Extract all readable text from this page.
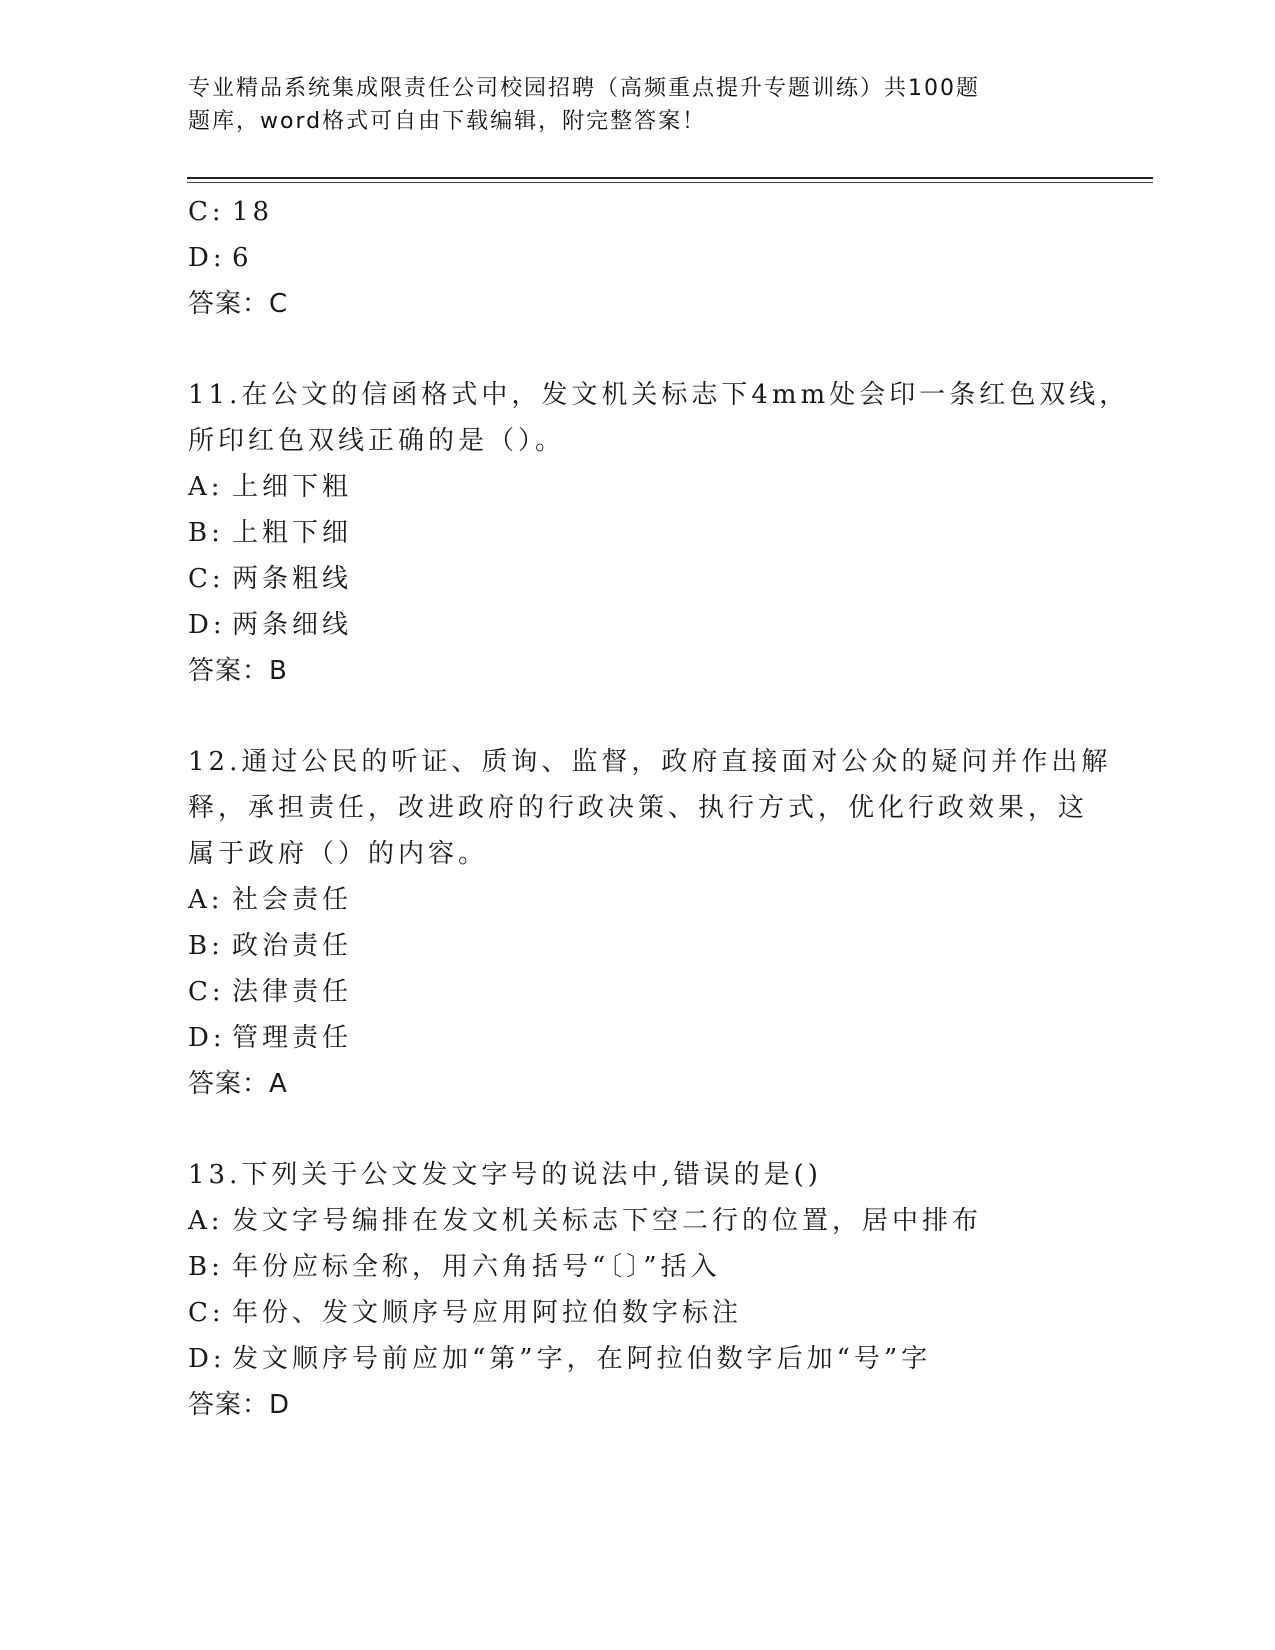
专业精品系统集成限责任公司校园招聘（高频重点提升专题训练）共100题
题库，word格式可自由下载编辑，附完整答案！
C: 18
D: 6
答案：C
11.在公文的信函格式中，发文机关标志下4mm处会印一条红色双线，
所印红色双线正确的是（）。
A: 上细下粗
B: 上粗下细
C: 两条粗线
D: 两条细线
答案：B
12.通过公民的听证、质询、监督，政府直接面对公众的疑问并作出解
释，承担责任，改进政府的行政决策、执行方式，优化行政效果，这
属于政府（）的内容。
A: 社会责任
B: 政治责任
C: 法律责任
D: 管理责任
答案：A
13.下列关于公文发文字号的说法中,错误的是()
A: 发文字号编排在发文机关标志下空二行的位置，居中排布
B: 年份应标全称，用六角括号“〔〕”括入
C: 年份、发文顺序号应用阿拉伯数字标注
D: 发文顺序号前应加“第”字，在阿拉伯数字后加“号”字
答案：D
